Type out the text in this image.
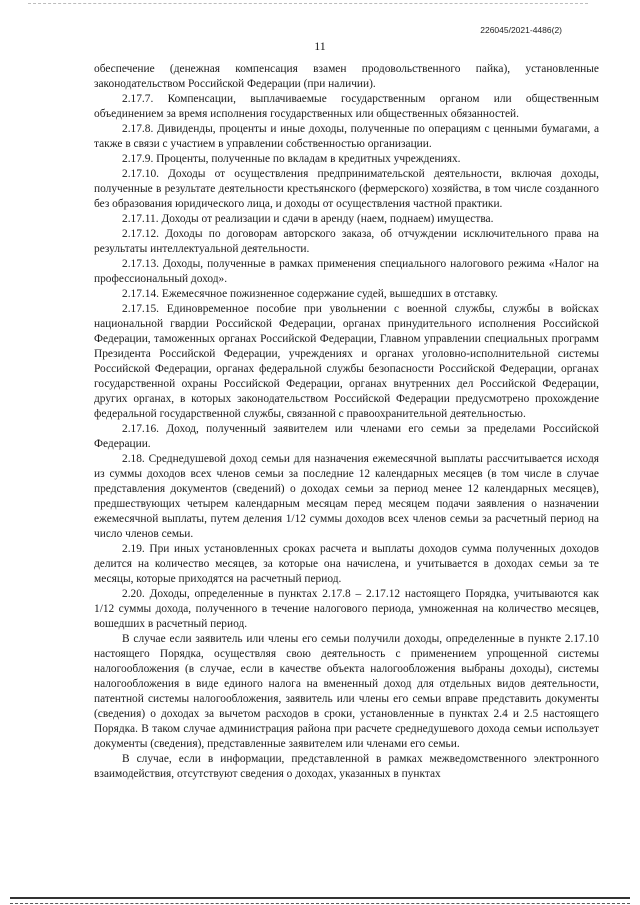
226045/2021-4486(2)
11

обеспечение (денежная компенсация взамен продовольственного пайка), установленные законодательством Российской Федерации (при наличии).

2.17.7. Компенсации, выплачиваемые государственным органом или общественным объединением за время исполнения государственных или общественных обязанностей.

2.17.8. Дивиденды, проценты и иные доходы, полученные по операциям с ценными бумагами, а также в связи с участием в управлении собственностью организации.

2.17.9. Проценты, полученные по вкладам в кредитных учреждениях.

2.17.10. Доходы от осуществления предпринимательской деятельности, включая доходы, полученные в результате деятельности крестьянского (фермерского) хозяйства, в том числе созданного без образования юридического лица, и доходы от осуществления частной практики.

2.17.11. Доходы от реализации и сдачи в аренду (наем, поднаем) имущества.

2.17.12. Доходы по договорам авторского заказа, об отчуждении исключительного права на результаты интеллектуальной деятельности.

2.17.13. Доходы, полученные в рамках применения специального налогового режима «Налог на профессиональный доход».

2.17.14. Ежемесячное пожизненное содержание судей, вышедших в отставку.

2.17.15. Единовременное пособие при увольнении с военной службы, службы в войсках национальной гвардии Российской Федерации, органах принудительного исполнения Российской Федерации, таможенных органах Российской Федерации, Главном управлении специальных программ Президента Российской Федерации, учреждениях и органах уголовно-исполнительной системы Российской Федерации, органах федеральной службы безопасности Российской Федерации, органах государственной охраны Российской Федерации, органах внутренних дел Российской Федерации, других органах, в которых законодательством Российской Федерации предусмотрено прохождение федеральной государственной службы, связанной с правоохранительной деятельностью.

2.17.16. Доход, полученный заявителем или членами его семьи за пределами Российской Федерации.

2.18. Среднедушевой доход семьи для назначения ежемесячной выплаты рассчитывается исходя из суммы доходов всех членов семьи за последние 12 календарных месяцев (в том числе в случае представления документов (сведений) о доходах семьи за период менее 12 календарных месяцев), предшествующих четырем календарным месяцам перед месяцем подачи заявления о назначении ежемесячной выплаты, путем деления 1/12 суммы доходов всех членов семьи за расчетный период на число членов семьи.

2.19. При иных установленных сроках расчета и выплаты доходов сумма полученных доходов делится на количество месяцев, за которые она начислена, и учитывается в доходах семьи за те месяцы, которые приходятся на расчетный период.

2.20. Доходы, определенные в пунктах 2.17.8 – 2.17.12 настоящего Порядка, учитываются как 1/12 суммы дохода, полученного в течение налогового периода, умноженная на количество месяцев, вошедших в расчетный период.

В случае если заявитель или члены его семьи получили доходы, определенные в пункте 2.17.10 настоящего Порядка, осуществляя свою деятельность с применением упрощенной системы налогообложения (в случае, если в качестве объекта налогообложения выбраны доходы), системы налогообложения в виде единого налога на вмененный доход для отдельных видов деятельности, патентной системы налогообложения, заявитель или члены его семьи вправе представить документы (сведения) о доходах за вычетом расходов в сроки, установленные в пунктах 2.4 и 2.5 настоящего Порядка. В таком случае администрация района при расчете среднедушевого дохода семьи использует документы (сведения), представленные заявителем или членами его семьи.

В случае, если в информации, представленной в рамках межведомственного электронного взаимодействия, отсутствуют сведения о доходах, указанных в пунктах
